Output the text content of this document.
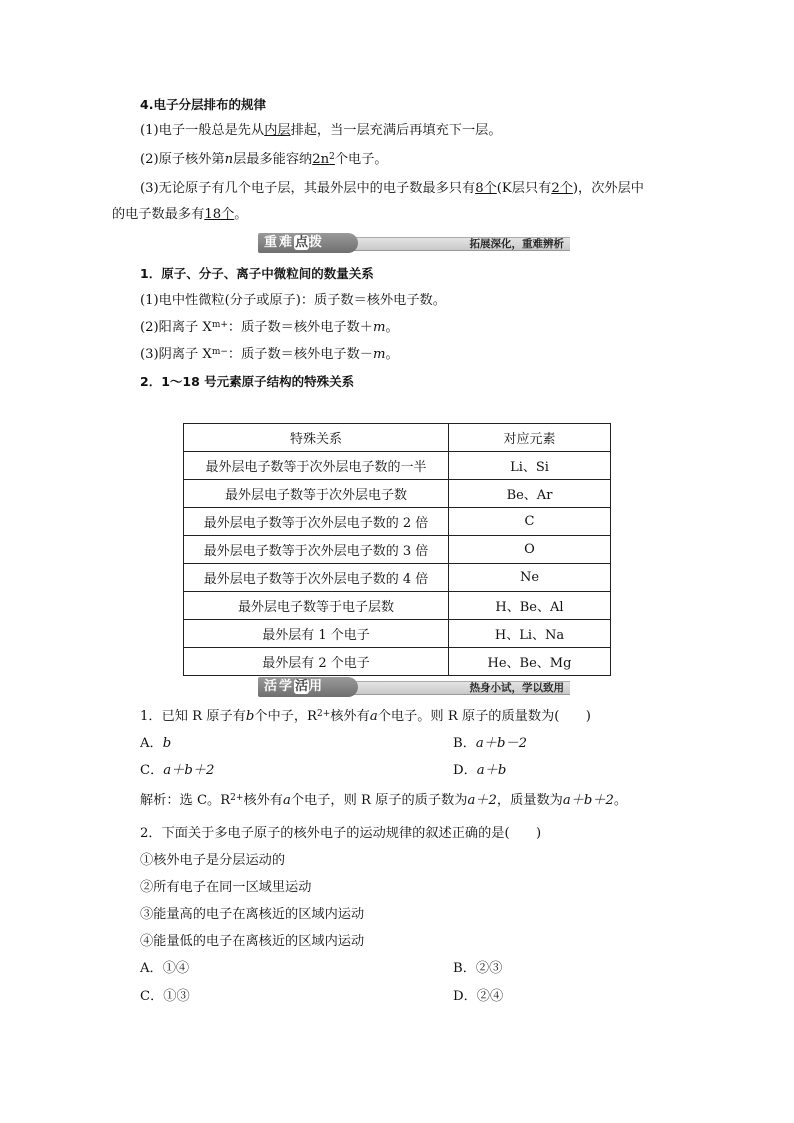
4.电子分层排布的规律
(1)电子一般总是先从内层排起，当一层充满后再填充下一层。
(2)原子核外第n层最多能容纳$2n^2$个电子。
(3)无论原子有几个电子层，其最外层中的电子数最多只有8个(K层只有2个)，次外层中
的电子数最多有18个。
重难点拨	拓展深化，重难辨析
1．原子、分子、离子中微粒间的数量关系
(1)电中性微粒(分子或原子)：质子数＝核外电子数。
(2)阳离子 $X^{m+}$：质子数＝核外电子数＋m。
(3)阴离子 $X^{m-}$：质子数＝核外电子数－m。
2．1～18 号元素原子结构的特殊关系
特殊关系	对应元素
最外层电子数等于次外层电子数的一半	Li、Si
最外层电子数等于次外层电子数	Be、Ar
最外层电子数等于次外层电子数的 2 倍	C
最外层电子数等于次外层电子数的 3 倍	O
最外层电子数等于次外层电子数的 4 倍	Ne
最外层电子数等于电子层数	H、Be、Al
最外层有 1 个电子	H、Li、Na
最外层有 2 个电子	He、Be、Mg
活学活用	热身小试，学以致用
1．已知 R 原子有b个中子，$R^{2+}$核外有a个电子。则 R 原子的质量数为(　　)
A．b	B．a＋b－2
C．a＋b＋2	D．a＋b
解析：选 C。$R^{2+}$核外有a个电子，则 R 原子的质子数为a＋2，质量数为a＋b＋2。
2．下面关于多电子原子的核外电子的运动规律的叙述正确的是(　　)
①核外电子是分层运动的
②所有电子在同一区域里运动
③能量高的电子在离核近的区域内运动
④能量低的电子在离核近的区域内运动
A．①④	B．②③
C．①③	D．②④
